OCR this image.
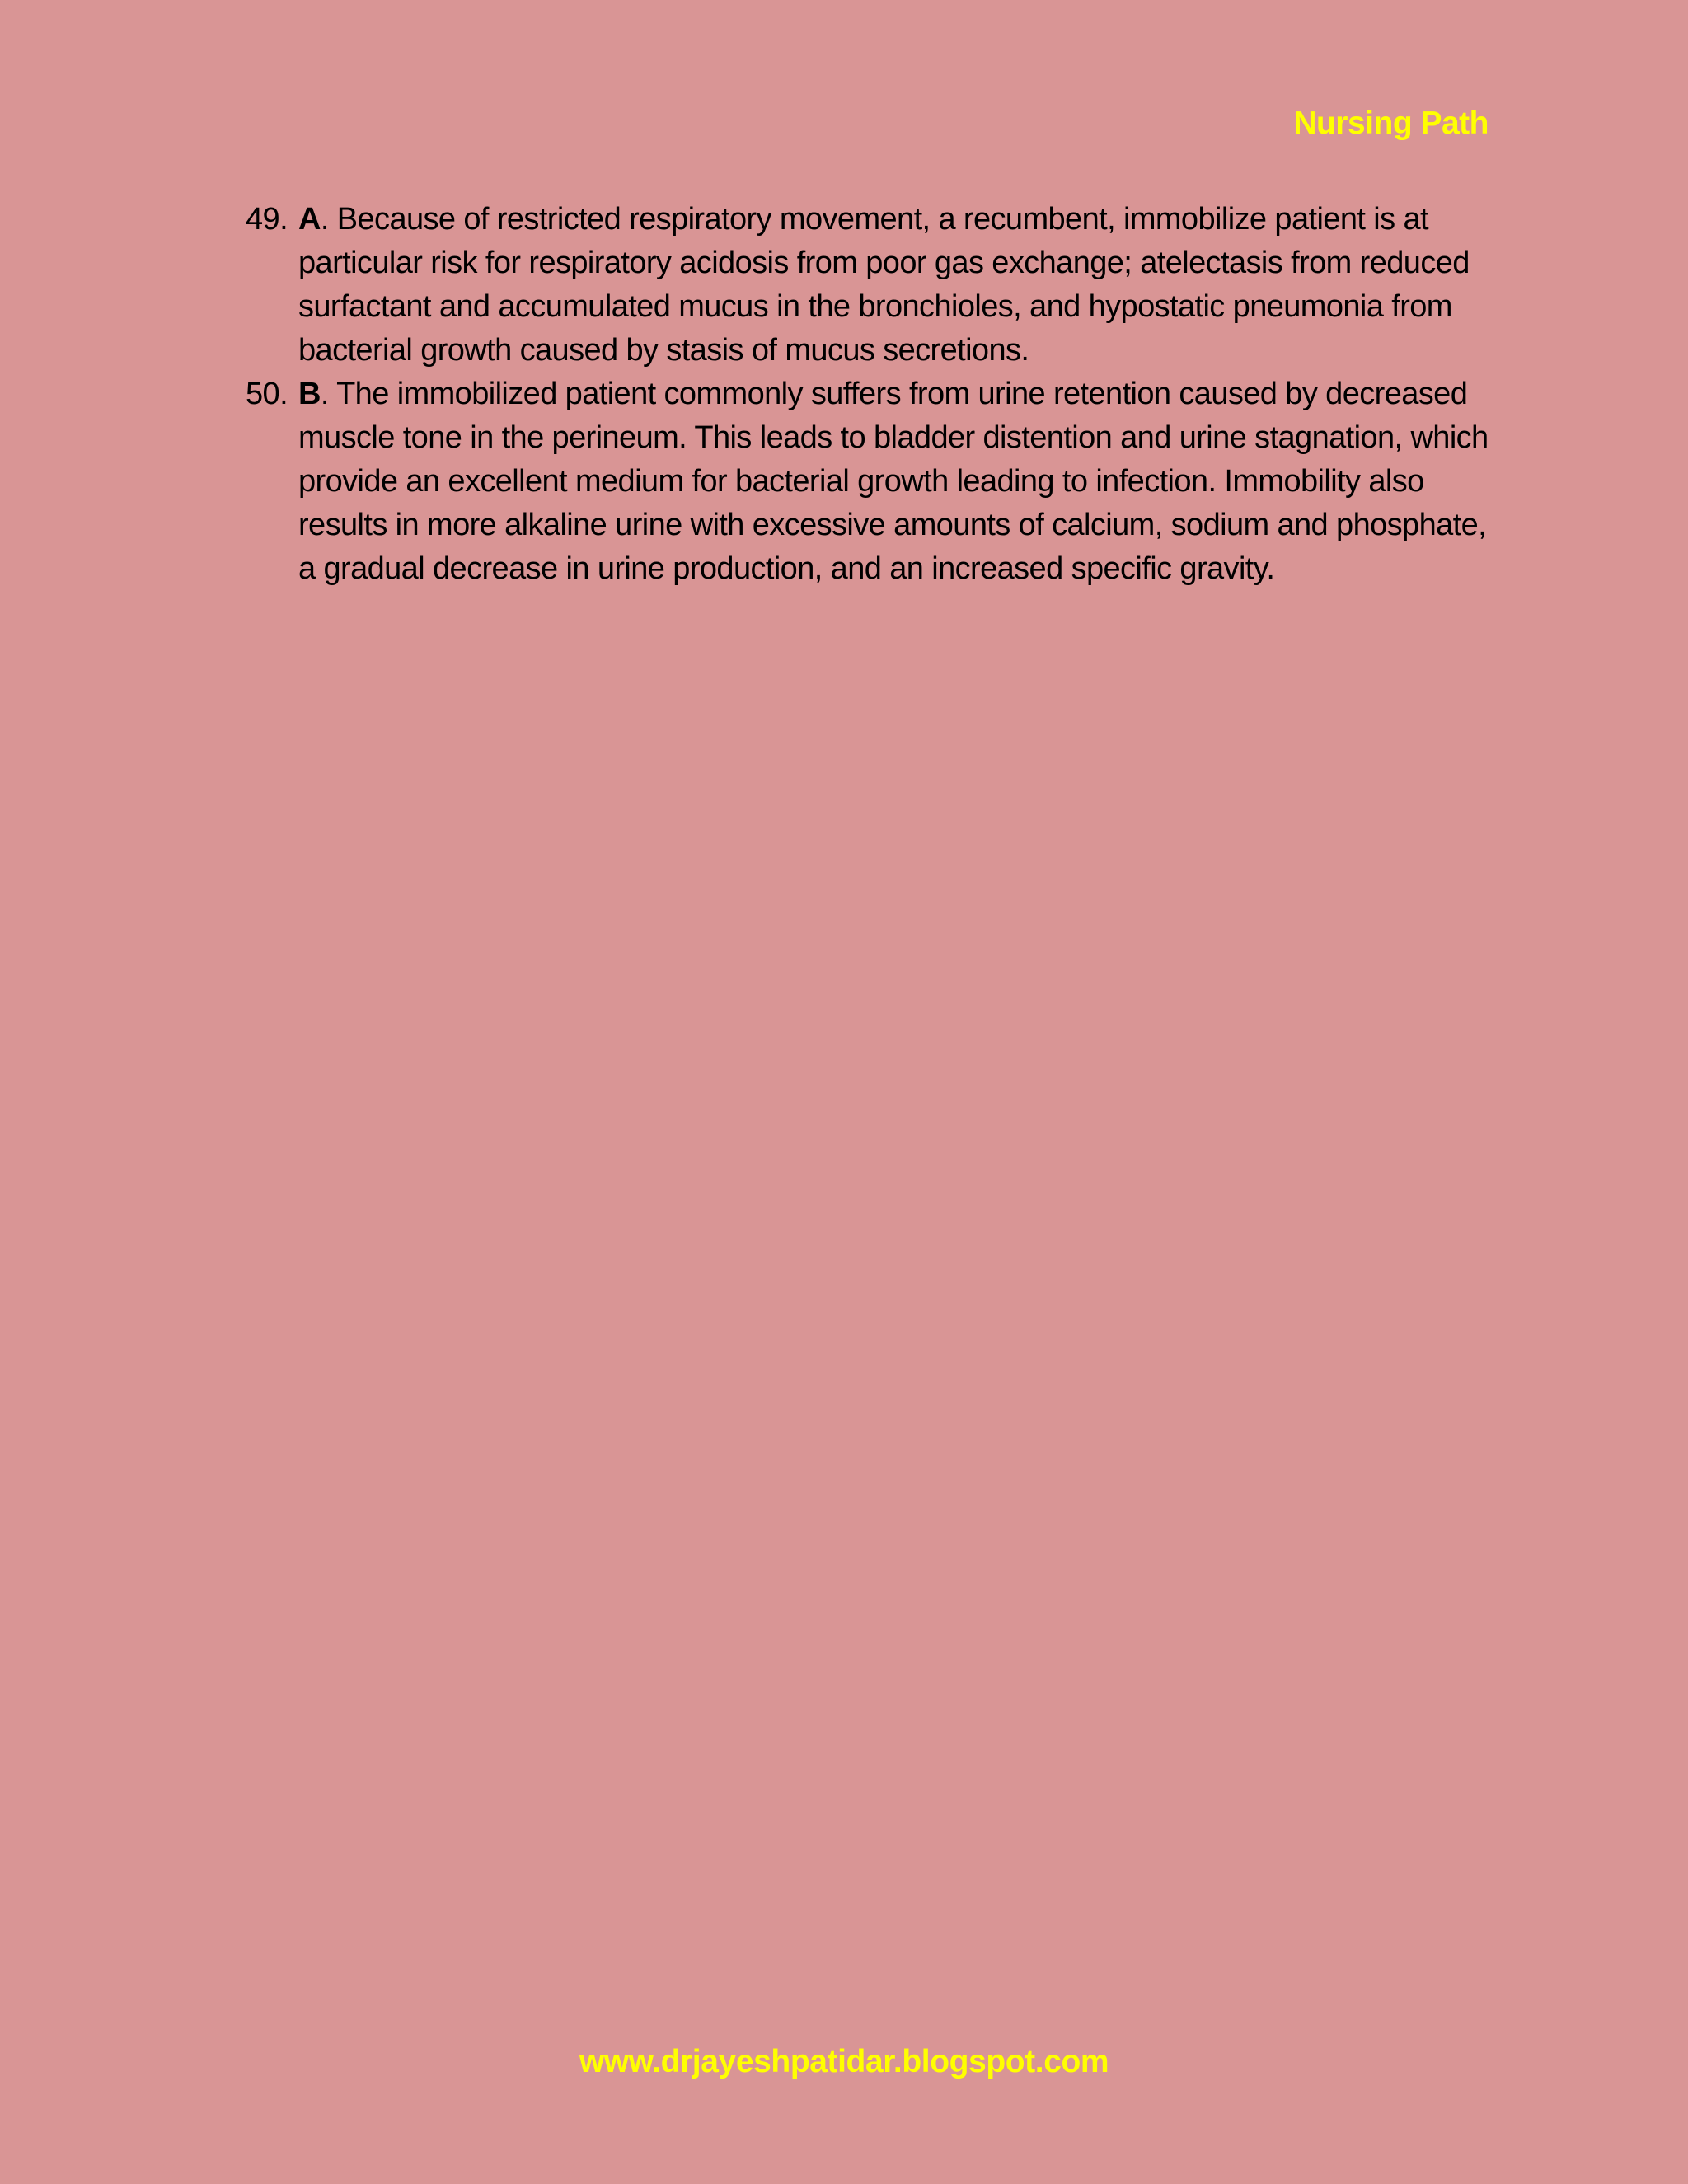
Nursing Path
49. A. Because of restricted respiratory movement, a recumbent, immobilize patient is at particular risk for respiratory acidosis from poor gas exchange; atelectasis from reduced surfactant and accumulated mucus in the bronchioles, and hypostatic pneumonia from bacterial growth caused by stasis of mucus secretions.
50. B. The immobilized patient commonly suffers from urine retention caused by decreased muscle tone in the perineum. This leads to bladder distention and urine stagnation, which provide an excellent medium for bacterial growth leading to infection. Immobility also results in more alkaline urine with excessive amounts of calcium, sodium and phosphate, a gradual decrease in urine production, and an increased specific gravity.
www.drjayeshpatidar.blogspot.com
